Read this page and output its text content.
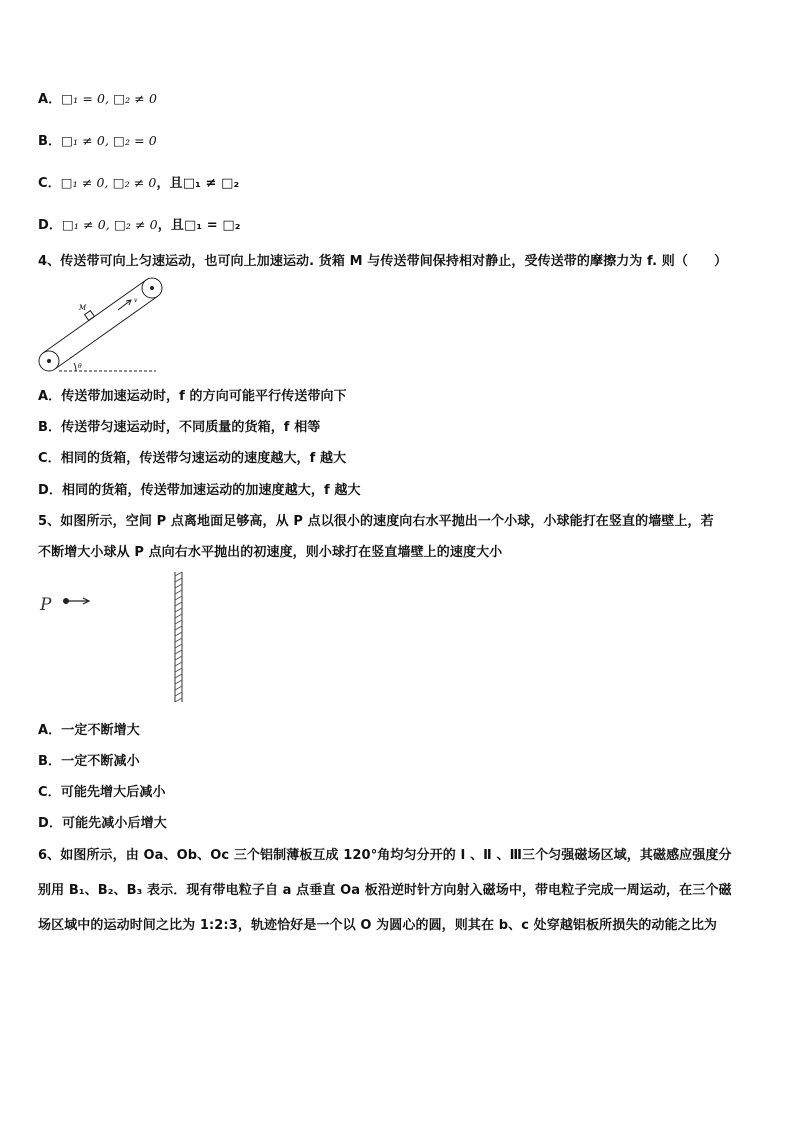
A．□₁ = 0, □₂ ≠ 0
B．□₁ ≠ 0, □₂ = 0
C．□₁ ≠ 0, □₂ ≠ 0，且□₁ ≠ □₂
D．□₁ ≠ 0, □₂ ≠ 0，且□₁ = □₂
4、传送带可向上匀速运动，也可向上加速运动. 货箱 M 与传送带间保持相对静止，受传送带的摩擦力为 f. 则（　　）
M
v
θ
A．传送带加速运动时，f 的方向可能平行传送带向下
B．传送带匀速运动时，不同质量的货箱，f 相等
C．相同的货箱，传送带匀速运动的速度越大，f 越大
D．相同的货箱，传送带加速运动的加速度越大，f 越大
5、如图所示，空间 P 点离地面足够高，从 P 点以很小的速度向右水平抛出一个小球，小球能打在竖直的墙壁上，若
不断增大小球从 P 点向右水平抛出的初速度，则小球打在竖直墙壁上的速度大小
P
A．一定不断增大
B．一定不断减小
C．可能先增大后减小
D．可能先减小后增大
6、如图所示，由 Oa、Ob、Oc 三个铝制薄板互成 120°角均匀分开的 Ⅰ 、Ⅱ 、Ⅲ三个匀强磁场区域，其磁感应强度分
别用 B₁、B₂、B₃ 表示．现有带电粒子自 a 点垂直 Oa 板沿逆时针方向射入磁场中，带电粒子完成一周运动，在三个磁
场区域中的运动时间之比为 1:2:3，轨迹恰好是一个以 O 为圆心的圆，则其在 b、c 处穿越铝板所损失的动能之比为
